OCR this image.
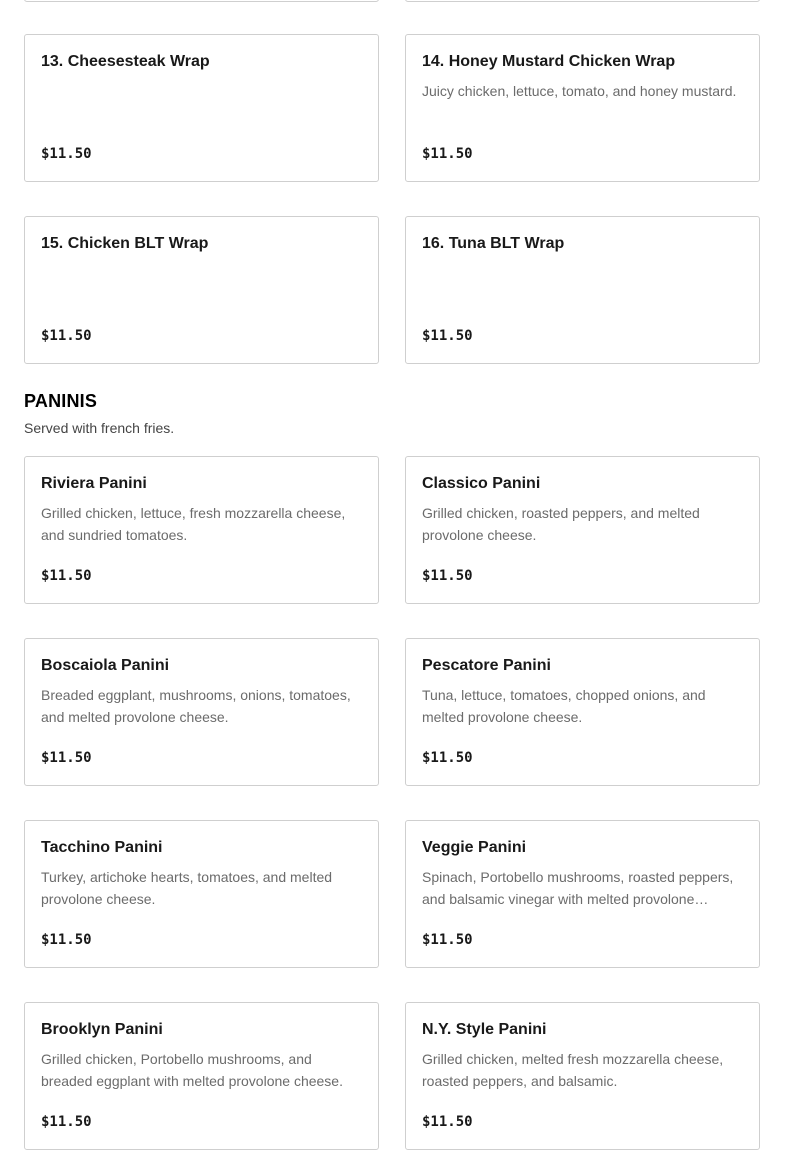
13. Cheesesteak Wrap
$11.50
14. Honey Mustard Chicken Wrap
Juicy chicken, lettuce, tomato, and honey mustard.
$11.50
15. Chicken BLT Wrap
$11.50
16. Tuna BLT Wrap
$11.50
PANINIS
Served with french fries.
Riviera Panini
Grilled chicken, lettuce, fresh mozzarella cheese, and sundried tomatoes.
$11.50
Classico Panini
Grilled chicken, roasted peppers, and melted provolone cheese.
$11.50
Boscaiola Panini
Breaded eggplant, mushrooms, onions, tomatoes, and melted provolone cheese.
$11.50
Pescatore Panini
Tuna, lettuce, tomatoes, chopped onions, and melted provolone cheese.
$11.50
Tacchino Panini
Turkey, artichoke hearts, tomatoes, and melted provolone cheese.
$11.50
Veggie Panini
Spinach, Portobello mushrooms, roasted peppers, and balsamic vinegar with melted provolone…
$11.50
Brooklyn Panini
Grilled chicken, Portobello mushrooms, and breaded eggplant with melted provolone cheese.
$11.50
N.Y. Style Panini
Grilled chicken, melted fresh mozzarella cheese, roasted peppers, and balsamic.
$11.50
